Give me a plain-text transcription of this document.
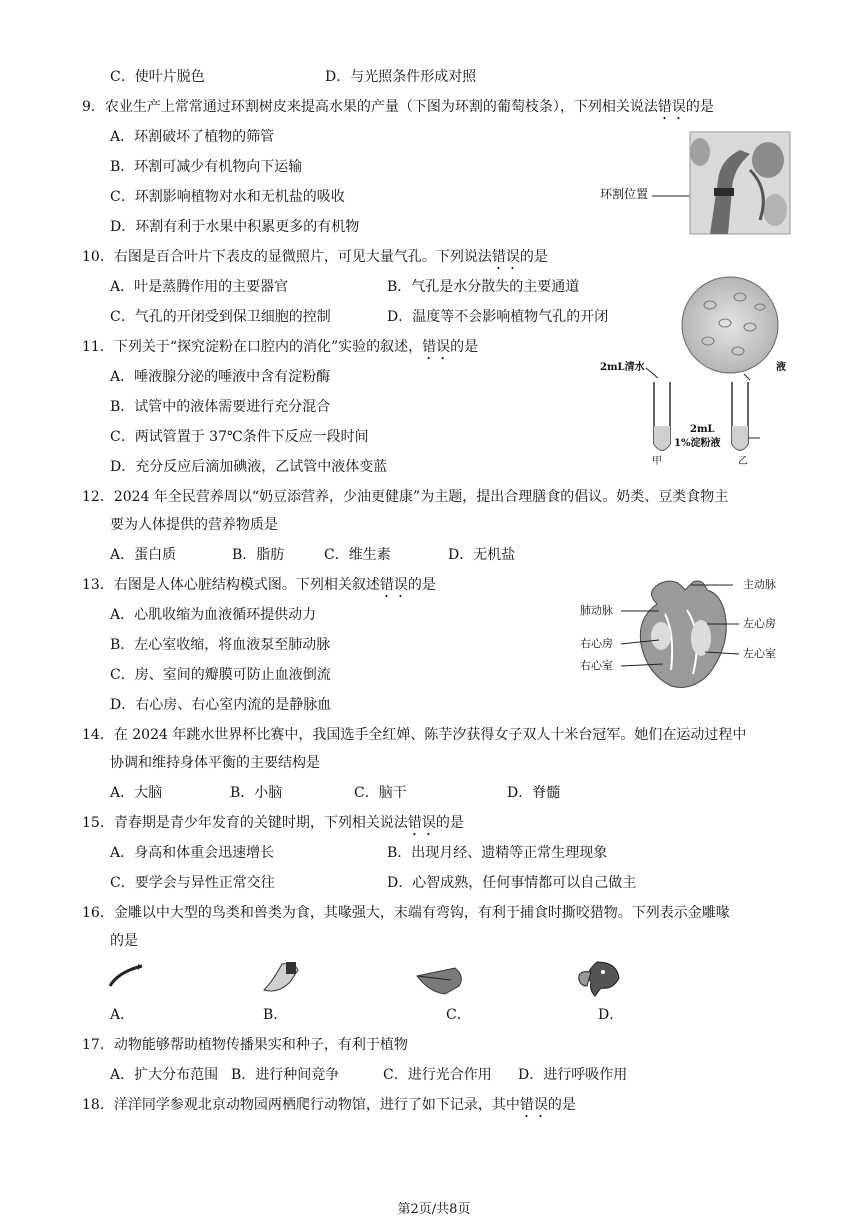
C．使叶片脱色	D．与光照条件形成对照
9．农业生产上常常通过环割树皮来提高水果的产量（下图为环割的葡萄枝条），下列相关说法错误的是
A．环割破坏了植物的筛管
B．环割可减少有机物向下运输
C．环割影响植物对水和无机盐的吸收
D．环割有利于水果中积累更多的有机物
环割位置
10．右图是百合叶片下表皮的显微照片，可见大量气孔。下列说法错误的是
A．叶是蒸腾作用的主要器官	B．气孔是水分散失的主要通道
C．气孔的开闭受到保卫细胞的控制	D．温度等不会影响植物气孔的开闭
11．下列关于“探究淀粉在口腔内的消化”实验的叙述，错误的是
A．唾液腺分泌的唾液中含有淀粉酶
B．试管中的液体需要进行充分混合
C．两试管置于 37℃条件下反应一段时间
D．充分反应后滴加碘液，乙试管中液体变蓝
2mL清水	液
2mL
1%淀粉液
甲	乙
12．2024 年全民营养周以“奶豆添营养，少油更健康”为主题，提出合理膳食的倡议。奶类、豆类食物主
要为人体提供的营养物质是
A．蛋白质	B．脂肪	C．维生素	D．无机盐
13．右图是人体心脏结构模式图。下列相关叙述错误的是
A．心肌收缩为血液循环提供动力
B．左心室收缩，将血液泵至肺动脉
C．房、室间的瓣膜可防止血液倒流
D．右心房、右心室内流的是静脉血
主动脉
肺动脉
左心房
右心房
左心室
右心室
14．在 2024 年跳水世界杯比赛中，我国选手全红婵、陈芋汐获得女子双人十米台冠军。她们在运动过程中
协调和维持身体平衡的主要结构是
A．大脑	B．小脑	C．脑干	D．脊髓
15．青春期是青少年发育的关键时期，下列相关说法错误的是
A．身高和体重会迅速增长	B．出现月经、遗精等正常生理现象
C．要学会与异性正常交往	D．心智成熟，任何事情都可以自己做主
16．金雕以中大型的鸟类和兽类为食，其喙强大，末端有弯钩，有利于捕食时撕咬猎物。下列表示金雕喙
的是
A．	B．	C．	D．
17．动物能够帮助植物传播果实和种子，有利于植物
A．扩大分布范围 B．进行种间竞争	C．进行光合作用 D．进行呼吸作用
18．洋洋同学参观北京动物园两栖爬行动物馆，进行了如下记录，其中错误的是
第2页/共8页
